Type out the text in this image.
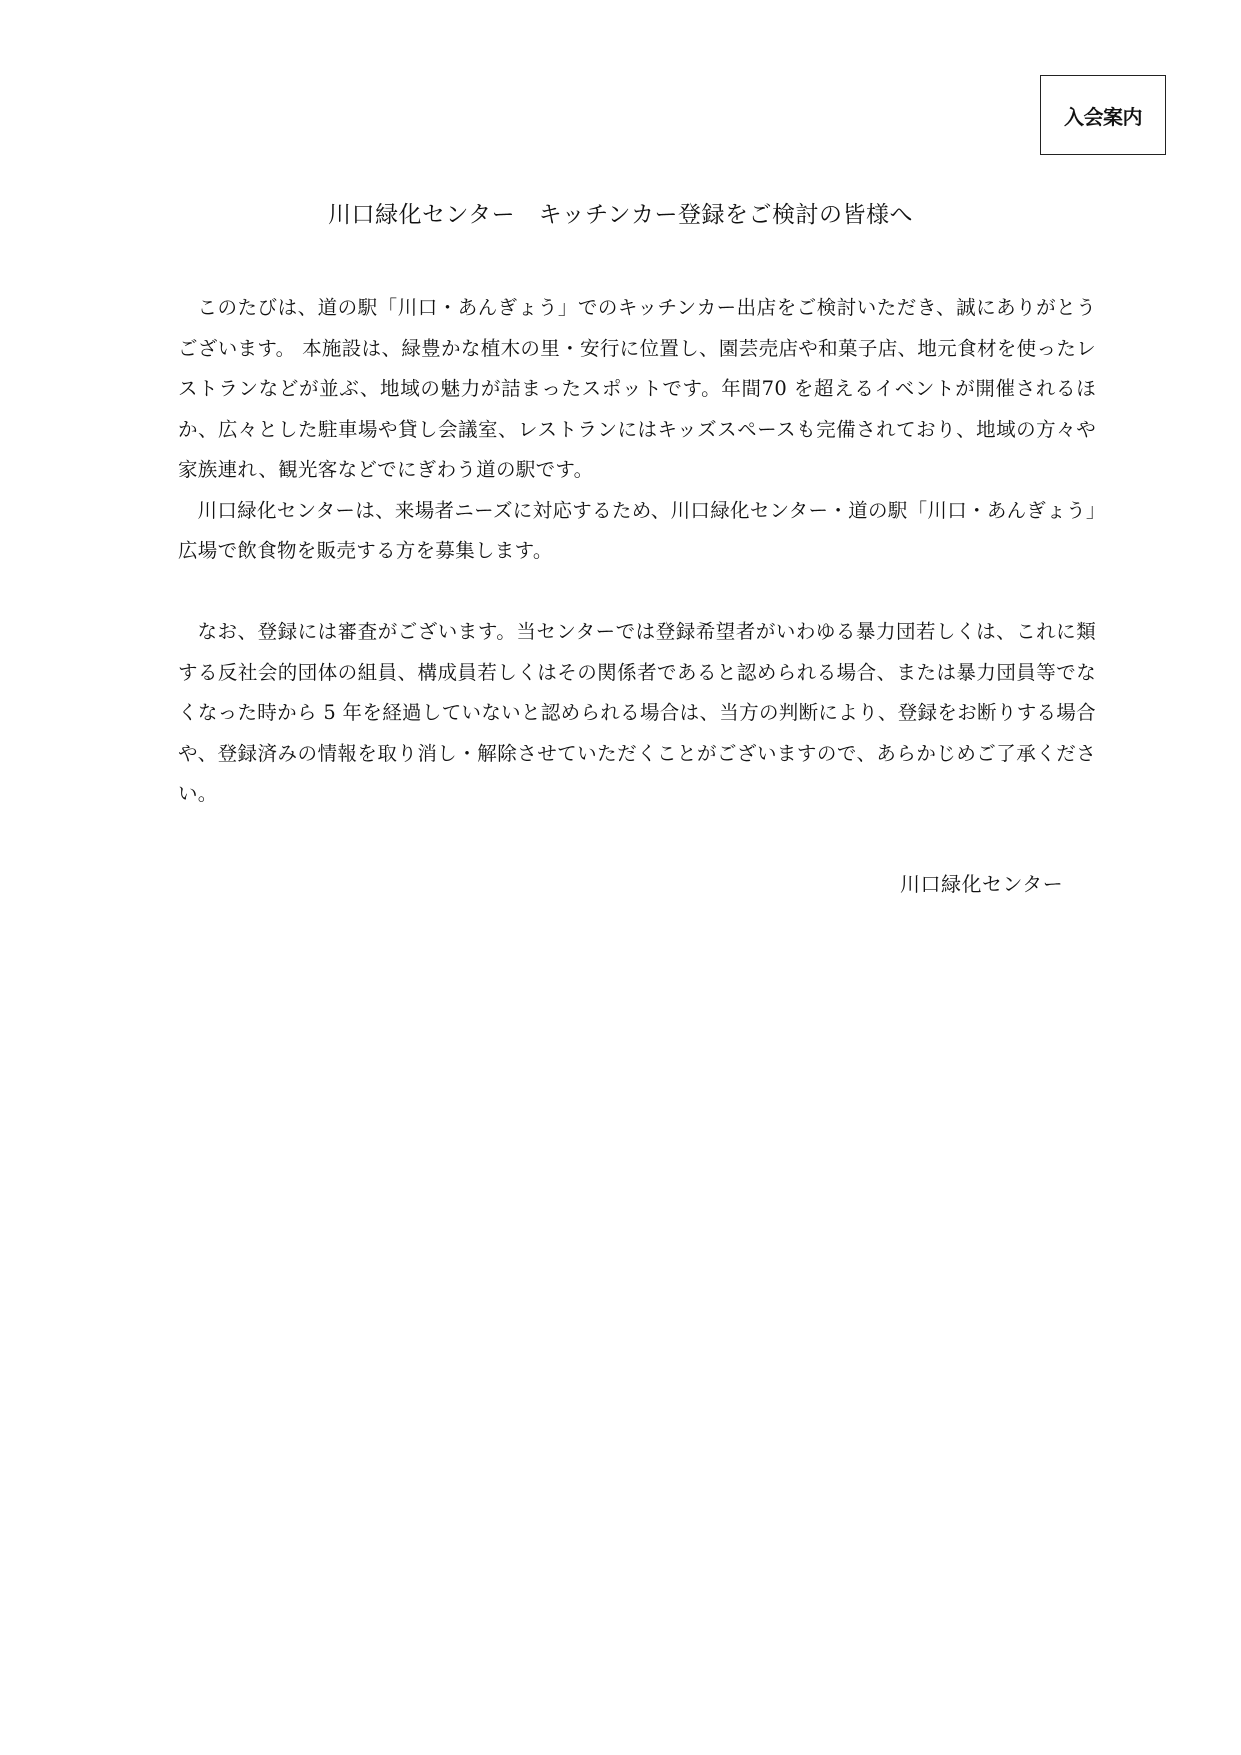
入会案内
川口緑化センター　キッチンカー登録をご検討の皆様へ

このたびは、道の駅「川口・あんぎょう」でのキッチンカー出店をご検討いただき、誠にありがとうございます。 本施設は、緑豊かな植木の里・安行に位置し、園芸売店や和菓子店、地元食材を使ったレストランなどが並ぶ、地域の魅力が詰まったスポットです。年間70 を超えるイベントが開催されるほか、広々とした駐車場や貸し会議室、レストランにはキッズスペースも完備されており、地域の方々や家族連れ、観光客などでにぎわう道の駅です。

川口緑化センターは、来場者ニーズに対応するため、川口緑化センター・道の駅「川口・あんぎょう」広場で飲食物を販売する方を募集します。

なお、登録には審査がございます。当センターでは登録希望者がいわゆる暴力団若しくは、これに類する反社会的団体の組員、構成員若しくはその関係者であると認められる場合、または暴力団員等でなくなった時から 5 年を経過していないと認められる場合は、当方の判断により、登録をお断りする場合や、登録済みの情報を取り消し・解除させていただくことがございますので、あらかじめご了承ください。

川口緑化センター
